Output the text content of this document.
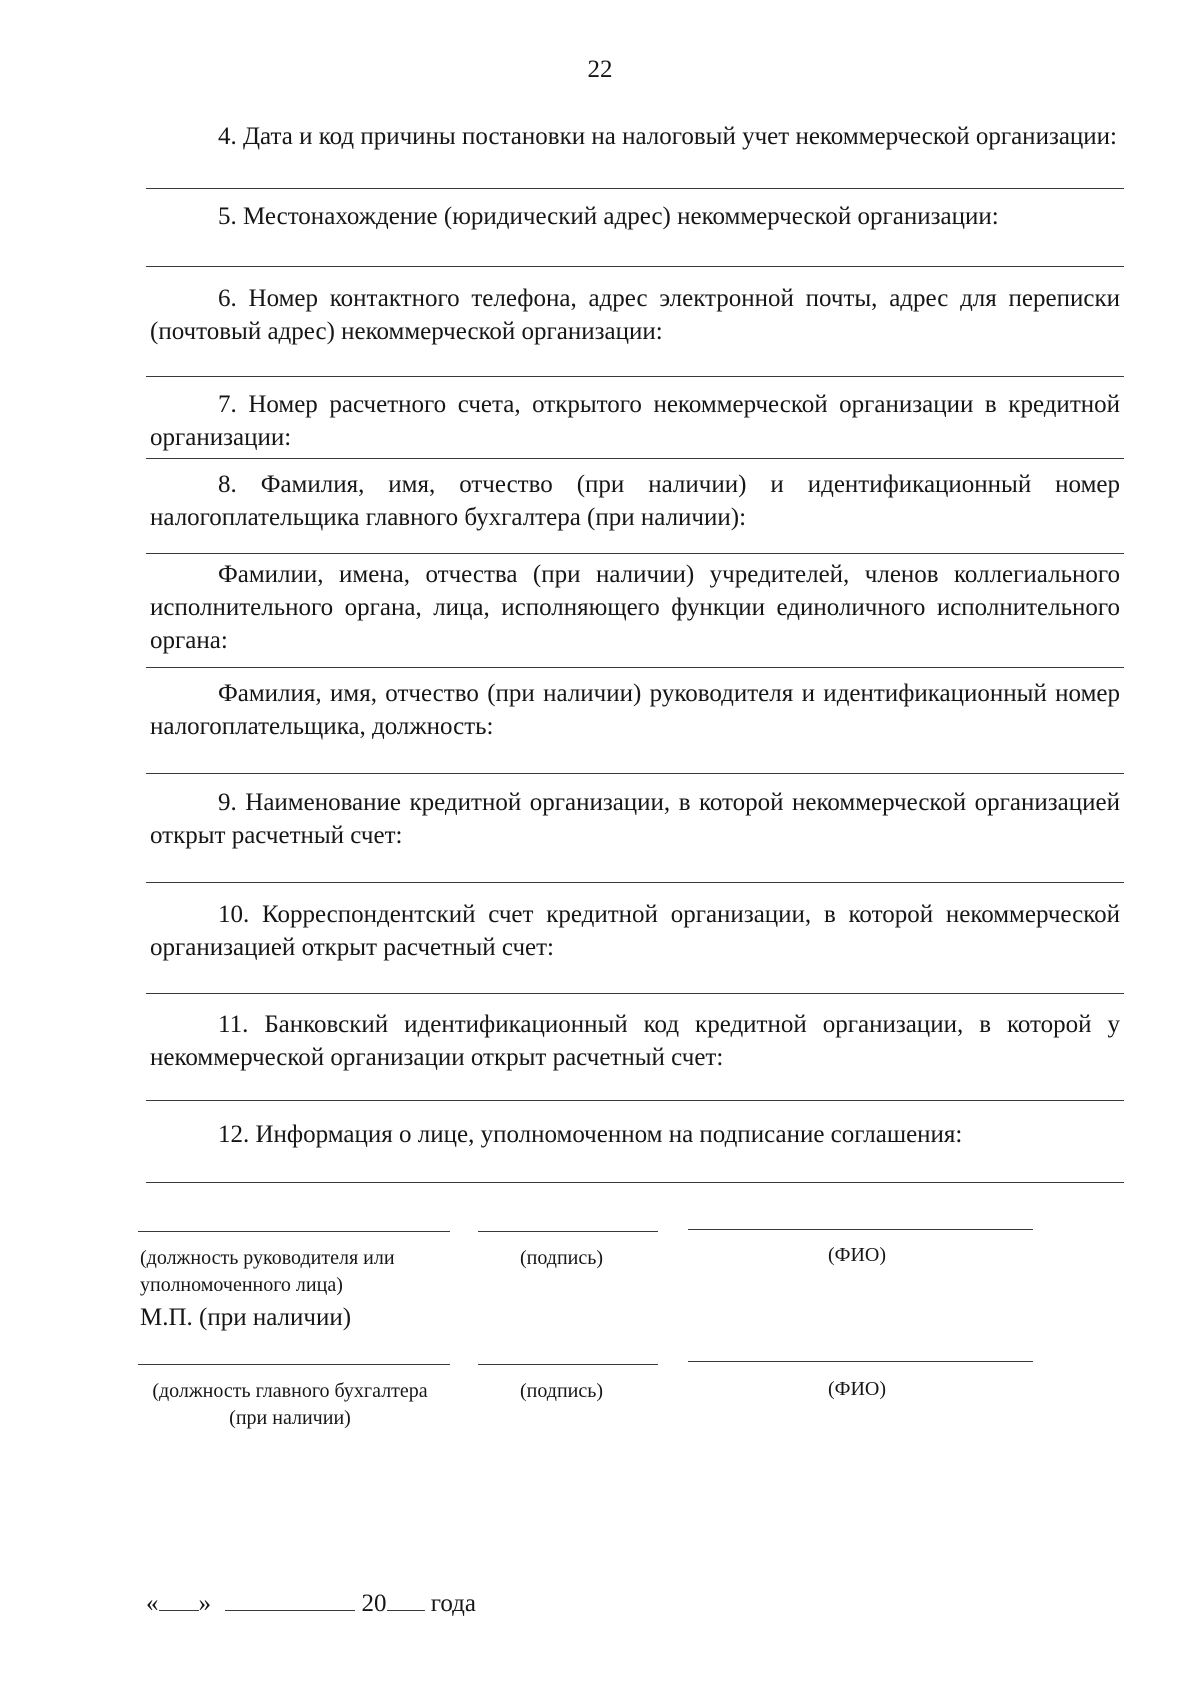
22
4. Дата и код причины постановки на налоговый учет некоммерческой организации:
5. Местонахождение (юридический адрес) некоммерческой организации:
6. Номер контактного телефона, адрес электронной почты, адрес для переписки (почтовый адрес) некоммерческой организации:
7. Номер расчетного счета, открытого некоммерческой организации в кредитной организации:
8. Фамилия, имя, отчество (при наличии) и идентификационный номер налогоплательщика главного бухгалтера (при наличии):
Фамилии, имена, отчества (при наличии) учредителей, членов коллегиального исполнительного органа, лица, исполняющего функции единоличного исполнительного органа:
Фамилия, имя, отчество (при наличии) руководителя и идентификационный номер налогоплательщика, должность:
9. Наименование кредитной организации, в которой некоммерческой организацией открыт расчетный счет:
10. Корреспондентский счет кредитной организации, в которой некоммерческой организацией открыт расчетный счет:
11. Банковский идентификационный код кредитной организации, в которой у некоммерческой организации открыт расчетный счет:
12. Информация о лице, уполномоченном на подписание соглашения:
(должность руководителя или уполномоченного лица)
(подпись)	(ФИО)
М.П. (при наличии)
(должность главного бухгалтера (при наличии)
(подпись)	(ФИО)
« »	20 года
